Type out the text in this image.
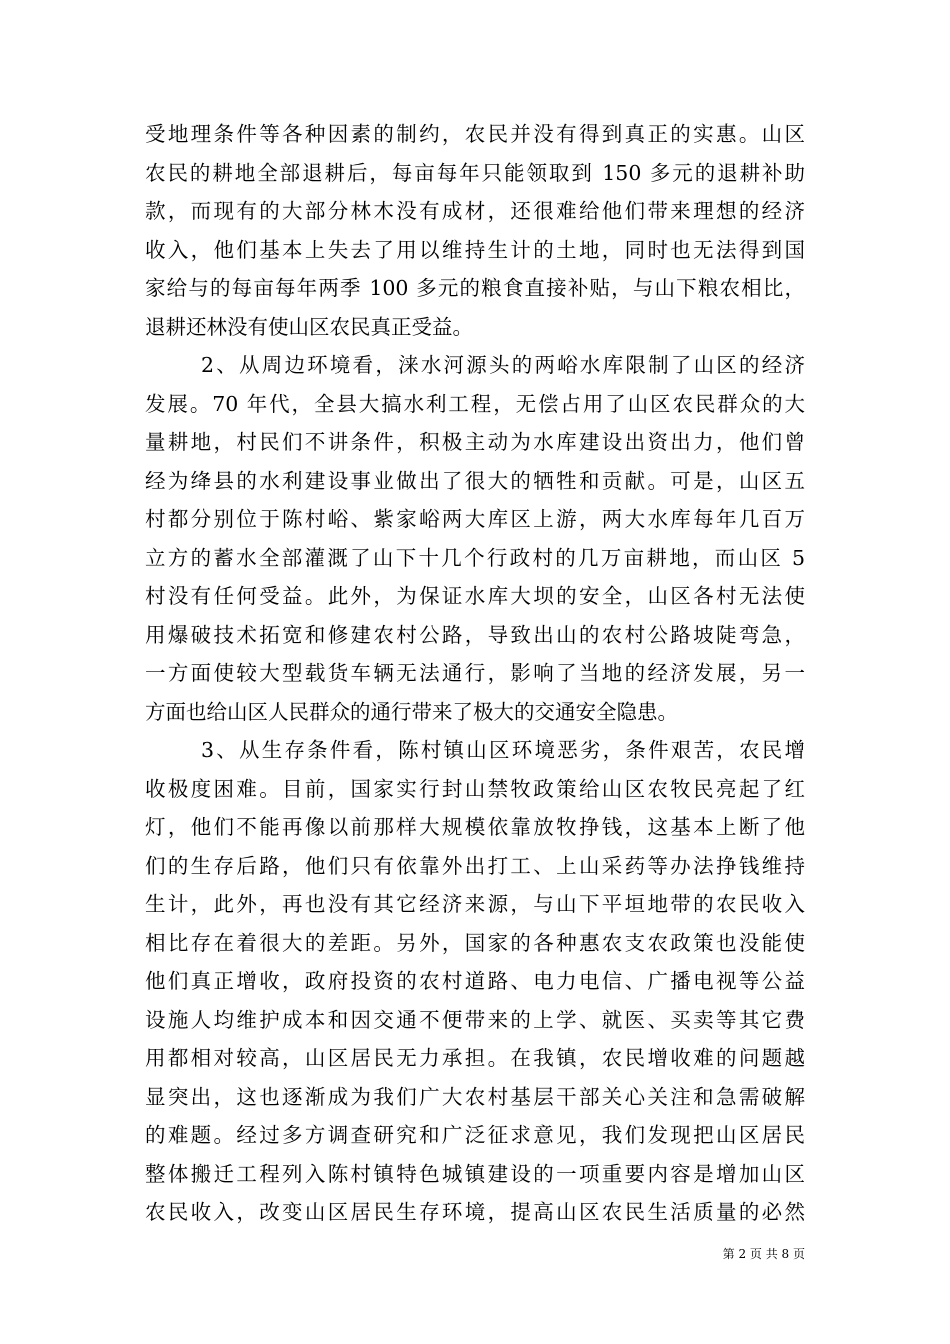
受地理条件等各种因素的制约，农民并没有得到真正的实惠。山区
农民的耕地全部退耕后，每亩每年只能领取到 150 多元的退耕补助
款，而现有的大部分林木没有成材，还很难给他们带来理想的经济
收入，他们基本上失去了用以维持生计的土地，同时也无法得到国
家给与的每亩每年两季 100 多元的粮食直接补贴，与山下粮农相比，
退耕还林没有使山区农民真正受益。
2、从周边环境看，涞水河源头的两峪水库限制了山区的经济
发展。70 年代，全县大搞水利工程，无偿占用了山区农民群众的大
量耕地，村民们不讲条件，积极主动为水库建设出资出力，他们曾
经为绛县的水利建设事业做出了很大的牺牲和贡献。可是，山区五
村都分别位于陈村峪、紫家峪两大库区上游，两大水库每年几百万
立方的蓄水全部灌溉了山下十几个行政村的几万亩耕地，而山区 5
村没有任何受益。此外，为保证水库大坝的安全，山区各村无法使
用爆破技术拓宽和修建农村公路，导致出山的农村公路坡陡弯急，
一方面使较大型载货车辆无法通行，影响了当地的经济发展，另一
方面也给山区人民群众的通行带来了极大的交通安全隐患。
3、从生存条件看，陈村镇山区环境恶劣，条件艰苦，农民增
收极度困难。目前，国家实行封山禁牧政策给山区农牧民亮起了红
灯，他们不能再像以前那样大规模依靠放牧挣钱，这基本上断了他
们的生存后路，他们只有依靠外出打工、上山采药等办法挣钱维持
生计，此外，再也没有其它经济来源，与山下平垣地带的农民收入
相比存在着很大的差距。另外，国家的各种惠农支农政策也没能使
他们真正增收，政府投资的农村道路、电力电信、广播电视等公益
设施人均维护成本和因交通不便带来的上学、就医、买卖等其它费
用都相对较高，山区居民无力承担。在我镇，农民增收难的问题越
显突出，这也逐渐成为我们广大农村基层干部关心关注和急需破解
的难题。经过多方调查研究和广泛征求意见，我们发现把山区居民
整体搬迁工程列入陈村镇特色城镇建设的一项重要内容是增加山区
农民收入，改变山区居民生存环境，提高山区农民生活质量的必然
第 2 页 共 8 页
